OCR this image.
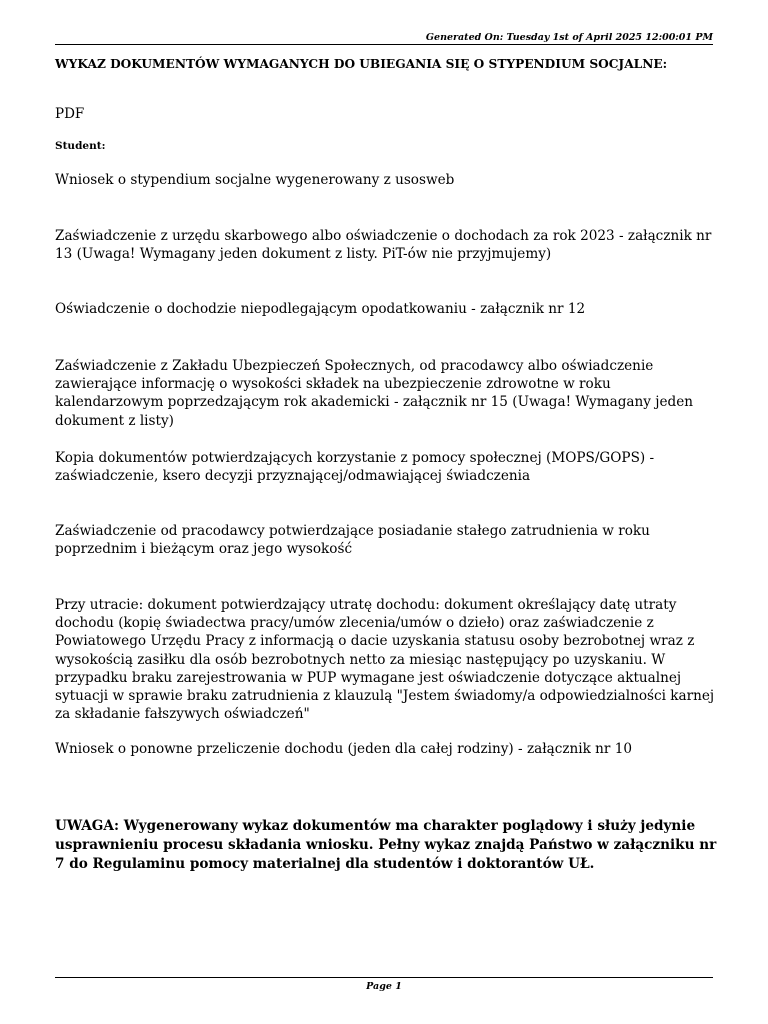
Generated On: Tuesday 1st of April 2025 12:00:01 PM
WYKAZ DOKUMENTÓW WYMAGANYCH DO UBIEGANIA SIĘ O STYPENDIUM SOCJALNE:
PDF
Student:
Wniosek o stypendium socjalne wygenerowany z usosweb
Zaświadczenie z urzędu skarbowego albo oświadczenie o dochodach za rok 2023 - załącznik nr 13 (Uwaga! Wymagany jeden dokument z listy. PiT-ów nie przyjmujemy)
Oświadczenie o dochodzie niepodlegającym opodatkowaniu - załącznik nr 12
Zaświadczenie z Zakładu Ubezpieczeń Społecznych, od pracodawcy albo oświadczenie zawierające informację o wysokości składek na ubezpieczenie zdrowotne w roku kalendarzowym poprzedzającym rok akademicki - załącznik nr 15 (Uwaga! Wymagany jeden dokument z listy)
Kopia dokumentów potwierdzających korzystanie z pomocy społecznej (MOPS/GOPS) - zaświadczenie, ksero decyzji przyznającej/odmawiającej świadczenia
Zaświadczenie od pracodawcy potwierdzające posiadanie stałego zatrudnienia w roku poprzednim i bieżącym oraz jego wysokość
Przy utracie: dokument potwierdzający utratę dochodu: dokument określający datę utraty dochodu (kopię świadectwa pracy/umów zlecenia/umów o dzieło) oraz zaświadczenie z Powiatowego Urzędu Pracy z informacją o dacie uzyskania statusu osoby bezrobotnej wraz z wysokością zasiłku dla osób bezrobotnych netto za miesiąc następujący po uzyskaniu. W przypadku braku zarejestrowania w PUP wymagane jest oświadczenie dotyczące aktualnej sytuacji w sprawie braku zatrudnienia z klauzulą "Jestem świadomy/a odpowiedzialności karnej za składanie fałszywych oświadczeń"
Wniosek o ponowne przeliczenie dochodu (jeden dla całej rodziny) - załącznik nr 10
UWAGA: Wygenerowany wykaz dokumentów ma charakter poglądowy i służy jedynie usprawnieniu procesu składania wniosku. Pełny wykaz znajdą Państwo w załączniku nr 7 do Regulaminu pomocy materialnej dla studentów i doktorantów UŁ.
Page 1
